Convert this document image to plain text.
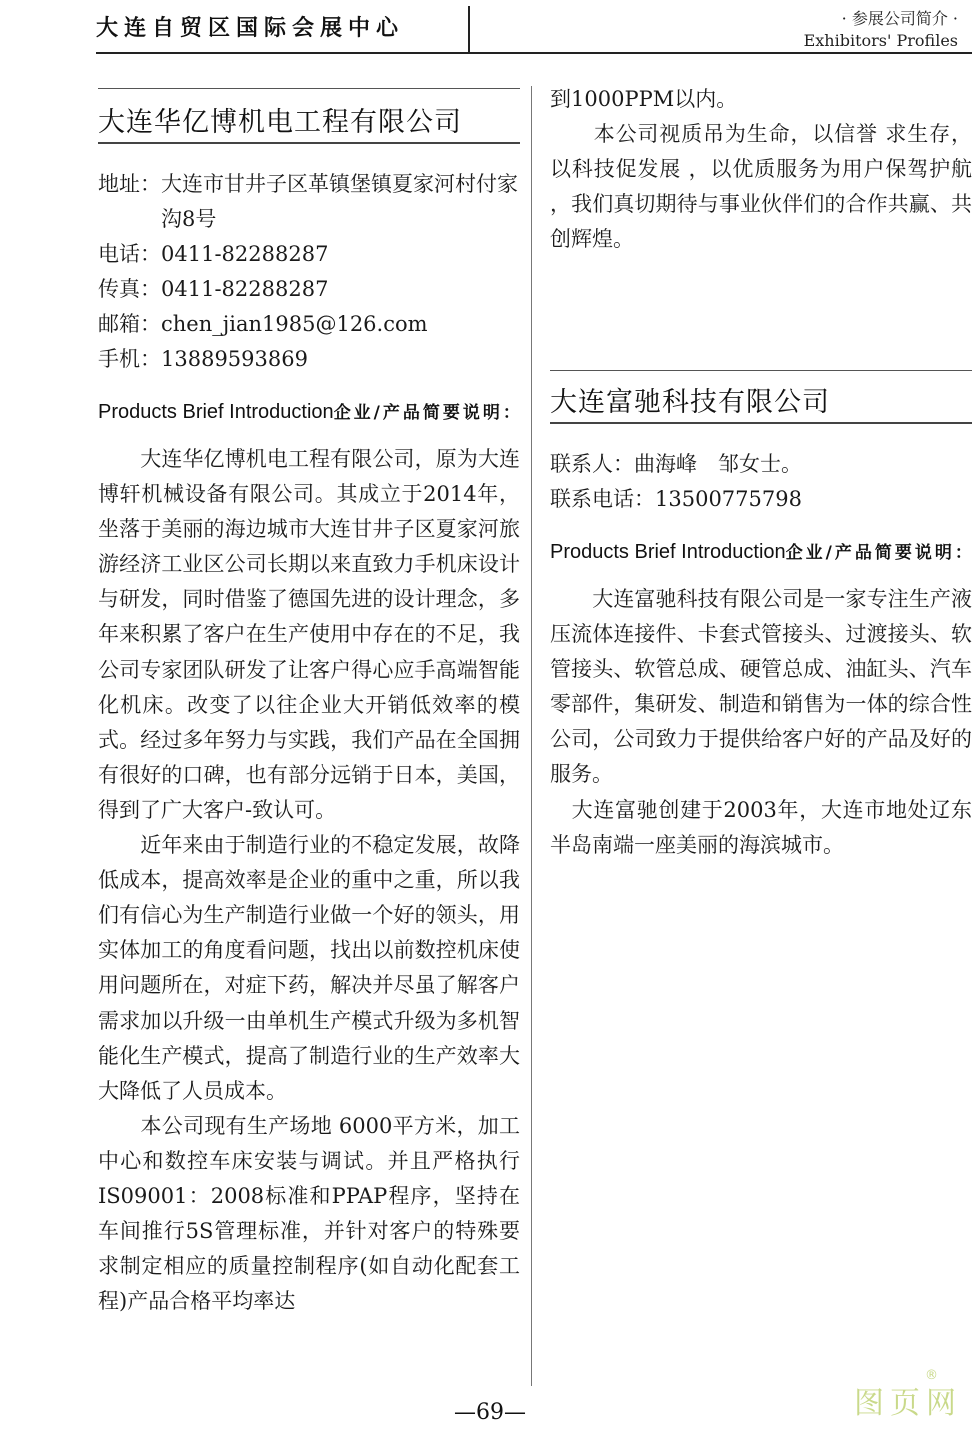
大连自贸区国际会展中心	· 参展公司简介 ·
Exhibitors' Profiles
大连华亿博机电工程有限公司
地址： 大连市甘井子区革镇堡镇夏家河村付家沟8号
电话： 0411-82288287
传真： 0411-82288287
邮箱： chen_jian1985@126.com
手机： 13889593869
Products Brief Introduction企业/产品简要说明：

　　大连华亿博机电工程有限公司，原为大连博轩机械设备有限公司。其成立于2014年，坐落于美丽的海边城市大连甘井子区夏家河旅游经济工业区公司长期以来直致力手机床设计与研发，同时借鉴了德国先进的设计理念，多年来积累了客户在生产使用中存在的不足，我公司专家团队研发了让客户得心应手高端智能化机床。改变了以往企业大开销低效率的模式。经过多年努力与实践，我们产品在全国拥有很好的口碑，也有部分远销于日本，美国，得到了广大客户-致认可。

　　近年来由于制造行业的不稳定发展，故降低成本，提高效率是企业的重中之重，所以我们有信心为生产制造行业做一个好的领头，用实体加工的角度看问题，找出以前数控机床使用问题所在，对症下药，解决并尽虽了解客户需求加以升级一由单机生产模式升级为多机智能化生产模式，提高了制造行业的生产效率大大降低了人员成本。

　　本公司现有生产场地 6000平方米，加工中心和数控车床安装与调试。并且严格执行IS09001：2008标准和PPAP程序，坚持在车间推行5S管理标准，并针对客户的特殊要求制定相应的质量控制程序(如自动化配套工程)产品合格平均率达

到1000PPM以内。

　　本公司视质吊为生命，以信誉 求生存，以科技促发展 ，以优质服务为用户保驾护航 ，我们真切期待与事业伙伴们的合作共赢、共创辉煌。

大连富驰科技有限公司
联系人： 曲海峰　邹女士。
联系电话： 13500775798
Products Brief Introduction企业/产品简要说明：

　　大连富驰科技有限公司是一家专注生产液压流体连接件、卡套式管接头、过渡接头、软管接头、软管总成、硬管总成、油缸头、汽车零部件，集研发、制造和销售为一体的综合性公司，公司致力于提供给客户好的产品及好的服务。

　大连富驰创建于2003年，大连市地处辽东半岛南端一座美丽的海滨城市。

—69—
®
图页网
